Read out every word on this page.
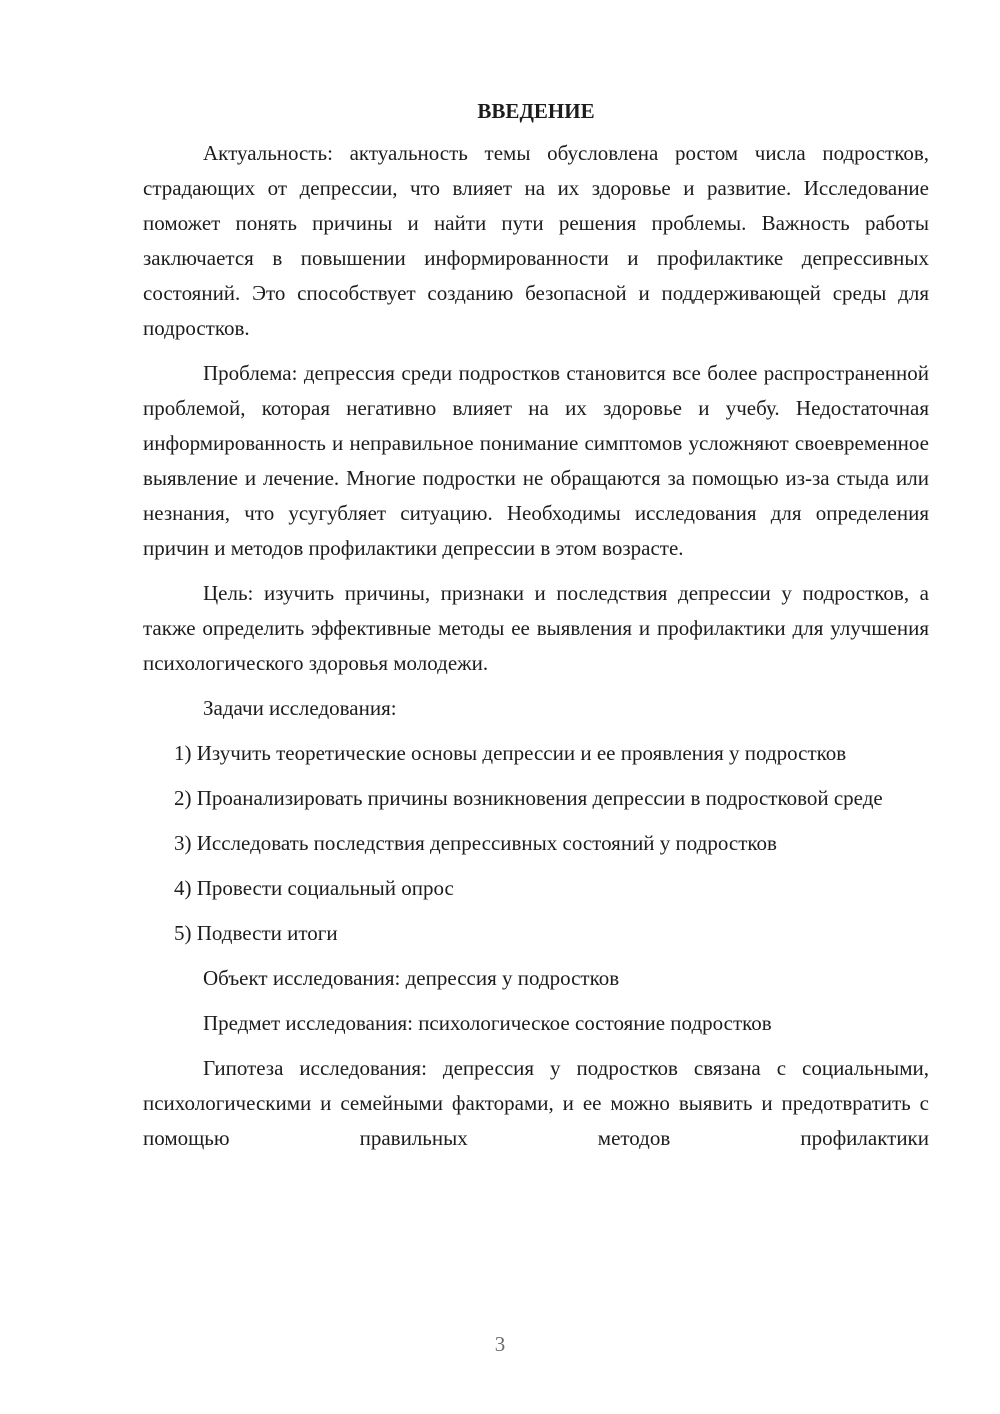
ВВЕДЕНИЕ

Актуальность: актуальность темы обусловлена ростом числа подростков, страдающих от депрессии, что влияет на их здоровье и развитие. Исследование поможет понять причины и найти пути решения проблемы. Важность работы заключается в повышении информированности и профилактике депрессивных состояний. Это способствует созданию безопасной и поддерживающей среды для подростков.

Проблема: депрессия среди подростков становится все более распространенной проблемой, которая негативно влияет на их здоровье и учебу. Недостаточная информированность и неправильное понимание симптомов усложняют своевременное выявление и лечение. Многие подростки не обращаются за помощью из-за стыда или незнания, что усугубляет ситуацию. Необходимы исследования для определения причин и методов профилактики депрессии в этом возрасте.

Цель: изучить причины, признаки и последствия депрессии у подростков, а также определить эффективные методы ее выявления и профилактики для улучшения психологического здоровья молодежи.

Задачи исследования:

1) Изучить теоретические основы депрессии и ее проявления у подростков

2) Проанализировать причины возникновения депрессии в подростковой среде

3) Исследовать последствия депрессивных состояний у подростков

4) Провести социальный опрос

5) Подвести итоги

Объект исследования: депрессия у подростков

Предмет исследования: психологическое состояние подростков

Гипотеза исследования: депрессия у подростков связана с социальными, психологическими и семейными факторами, и ее можно выявить и предотвратить с помощью правильных методов профилактики

3
